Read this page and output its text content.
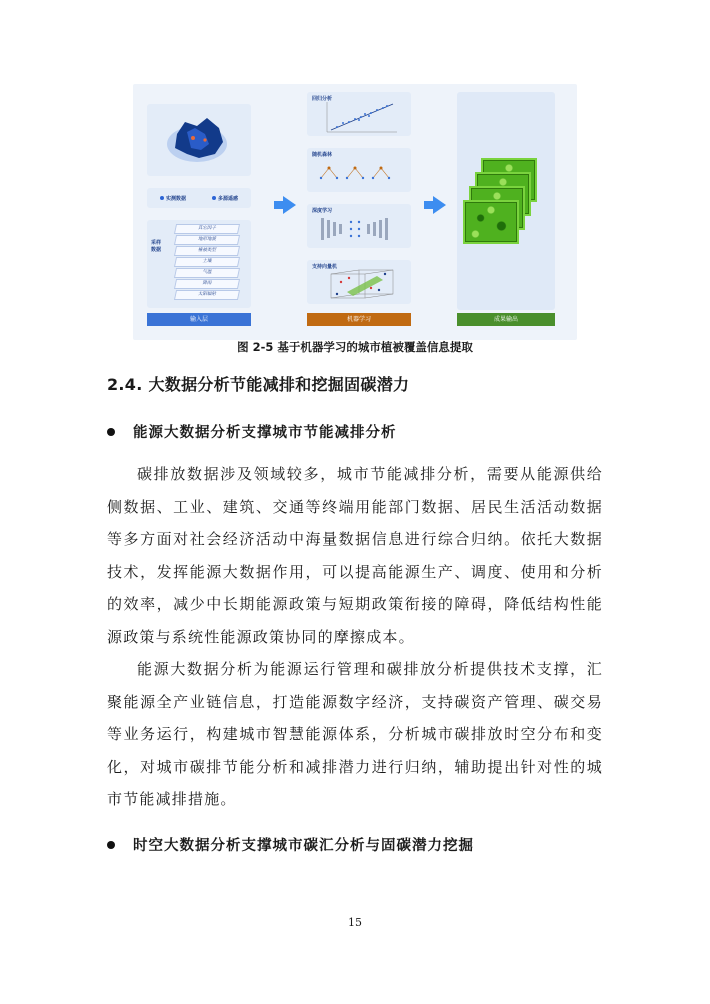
实测数据	多源遥感
采样数据
其它因子
地形地貌
植被类型
土壤
气温
降雨
太阳辐射
回归分析
随机森林
深度学习
支持向量机
输入层	机器学习	成果输出
图 2-5 基于机器学习的城市植被覆盖信息提取
2.4. 大数据分析节能减排和挖掘固碳潜力
能源大数据分析支撑城市节能减排分析
碳排放数据涉及领域较多，城市节能减排分析，需要从能源供给侧数据、工业、建筑、交通等终端用能部门数据、居民生活活动数据等多方面对社会经济活动中海量数据信息进行综合归纳。依托大数据技术，发挥能源大数据作用，可以提高能源生产、调度、使用和分析的效率，减少中长期能源政策与短期政策衔接的障碍，降低结构性能源政策与系统性能源政策协同的摩擦成本。
能源大数据分析为能源运行管理和碳排放分析提供技术支撑，汇聚能源全产业链信息，打造能源数字经济，支持碳资产管理、碳交易等业务运行，构建城市智慧能源体系，分析城市碳排放时空分布和变化，对城市碳排节能分析和减排潜力进行归纳，辅助提出针对性的城市节能减排措施。
时空大数据分析支撑城市碳汇分析与固碳潜力挖掘
15
